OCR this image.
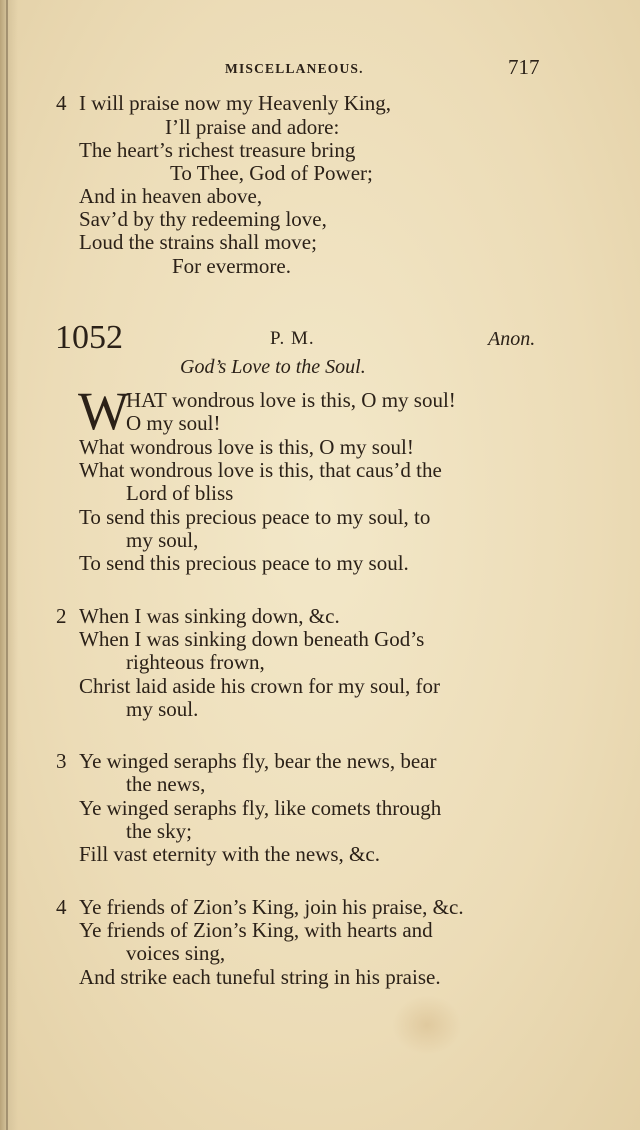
MISCELLANEOUS.	717
4 I will praise now my Heavenly King,
I’ll praise and adore:
The heart’s richest treasure bring
To Thee, God of Power;
And in heaven above,
Sav’d by thy redeeming love,
Loud the strains shall move;
For evermore.
1052	P. M.	Anon.
God’s Love to the Soul.
W
HAT wondrous love is this, O my soul!
O my soul!
What wondrous love is this, O my soul!
What wondrous love is this, that caus’d the
Lord of bliss
To send this precious peace to my soul, to
my soul,
To send this precious peace to my soul.
2 When I was sinking down, &c.
When I was sinking down beneath God’s
righteous frown,
Christ laid aside his crown for my soul, for
my soul.
3 Ye winged seraphs fly, bear the news, bear
the news,
Ye winged seraphs fly, like comets through
the sky;
Fill vast eternity with the news, &c.
4 Ye friends of Zion’s King, join his praise, &c.
Ye friends of Zion’s King, with hearts and
voices sing,
And strike each tuneful string in his praise.
